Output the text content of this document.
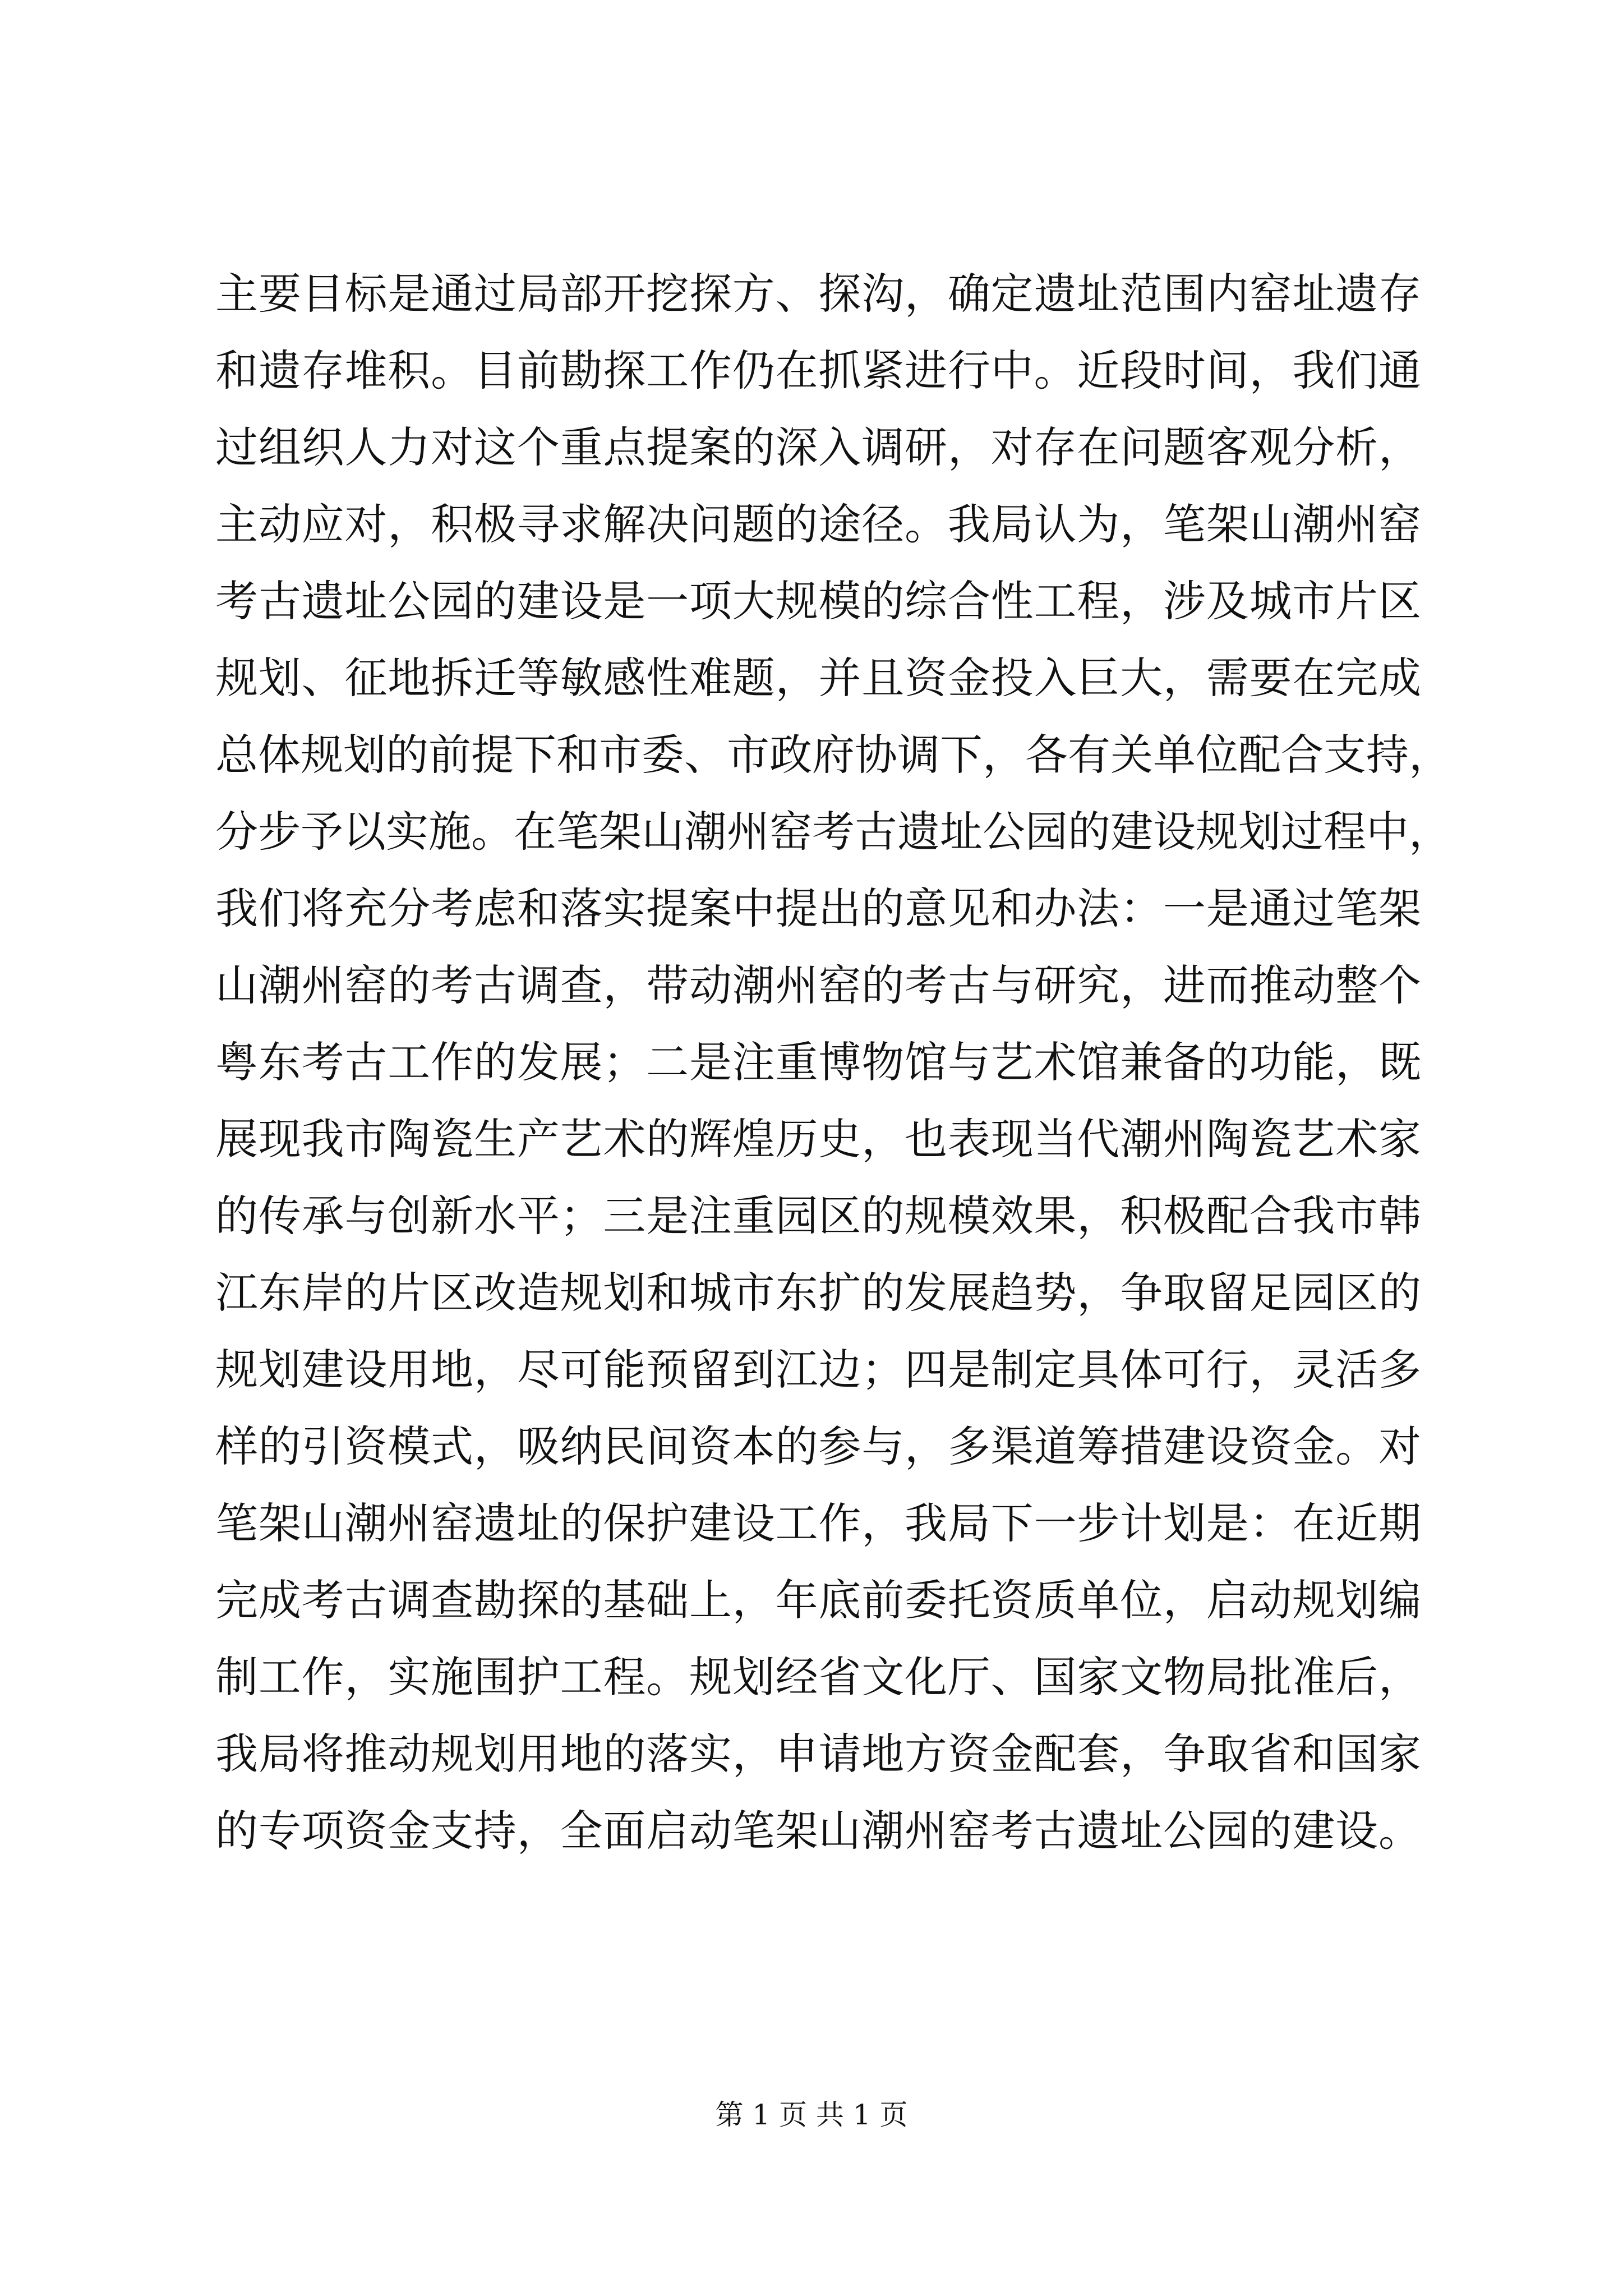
主要目标是通过局部开挖探方、探沟，确定遗址范围内窑址遗存
和遗存堆积。目前勘探工作仍在抓紧进行中。近段时间，我们通
过组织人力对这个重点提案的深入调研，对存在问题客观分析，
主动应对，积极寻求解决问题的途径。我局认为，笔架山潮州窑
考古遗址公园的建设是一项大规模的综合性工程，涉及城市片区
规划、征地拆迁等敏感性难题，并且资金投入巨大，需要在完成
总体规划的前提下和市委、市政府协调下，各有关单位配合支持，
分步予以实施。在笔架山潮州窑考古遗址公园的建设规划过程中，
我们将充分考虑和落实提案中提出的意见和办法：一是通过笔架
山潮州窑的考古调查，带动潮州窑的考古与研究，进而推动整个
粤东考古工作的发展；二是注重博物馆与艺术馆兼备的功能，既
展现我市陶瓷生产艺术的辉煌历史，也表现当代潮州陶瓷艺术家
的传承与创新水平；三是注重园区的规模效果，积极配合我市韩
江东岸的片区改造规划和城市东扩的发展趋势，争取留足园区的
规划建设用地，尽可能预留到江边；四是制定具体可行，灵活多
样的引资模式，吸纳民间资本的参与，多渠道筹措建设资金。对
笔架山潮州窑遗址的保护建设工作，我局下一步计划是：在近期
完成考古调查勘探的基础上，年底前委托资质单位，启动规划编
制工作，实施围护工程。规划经省文化厅、国家文物局批准后，
我局将推动规划用地的落实，申请地方资金配套，争取省和国家
的专项资金支持，全面启动笔架山潮州窑考古遗址公园的建设。
第 1 页 共 1 页
